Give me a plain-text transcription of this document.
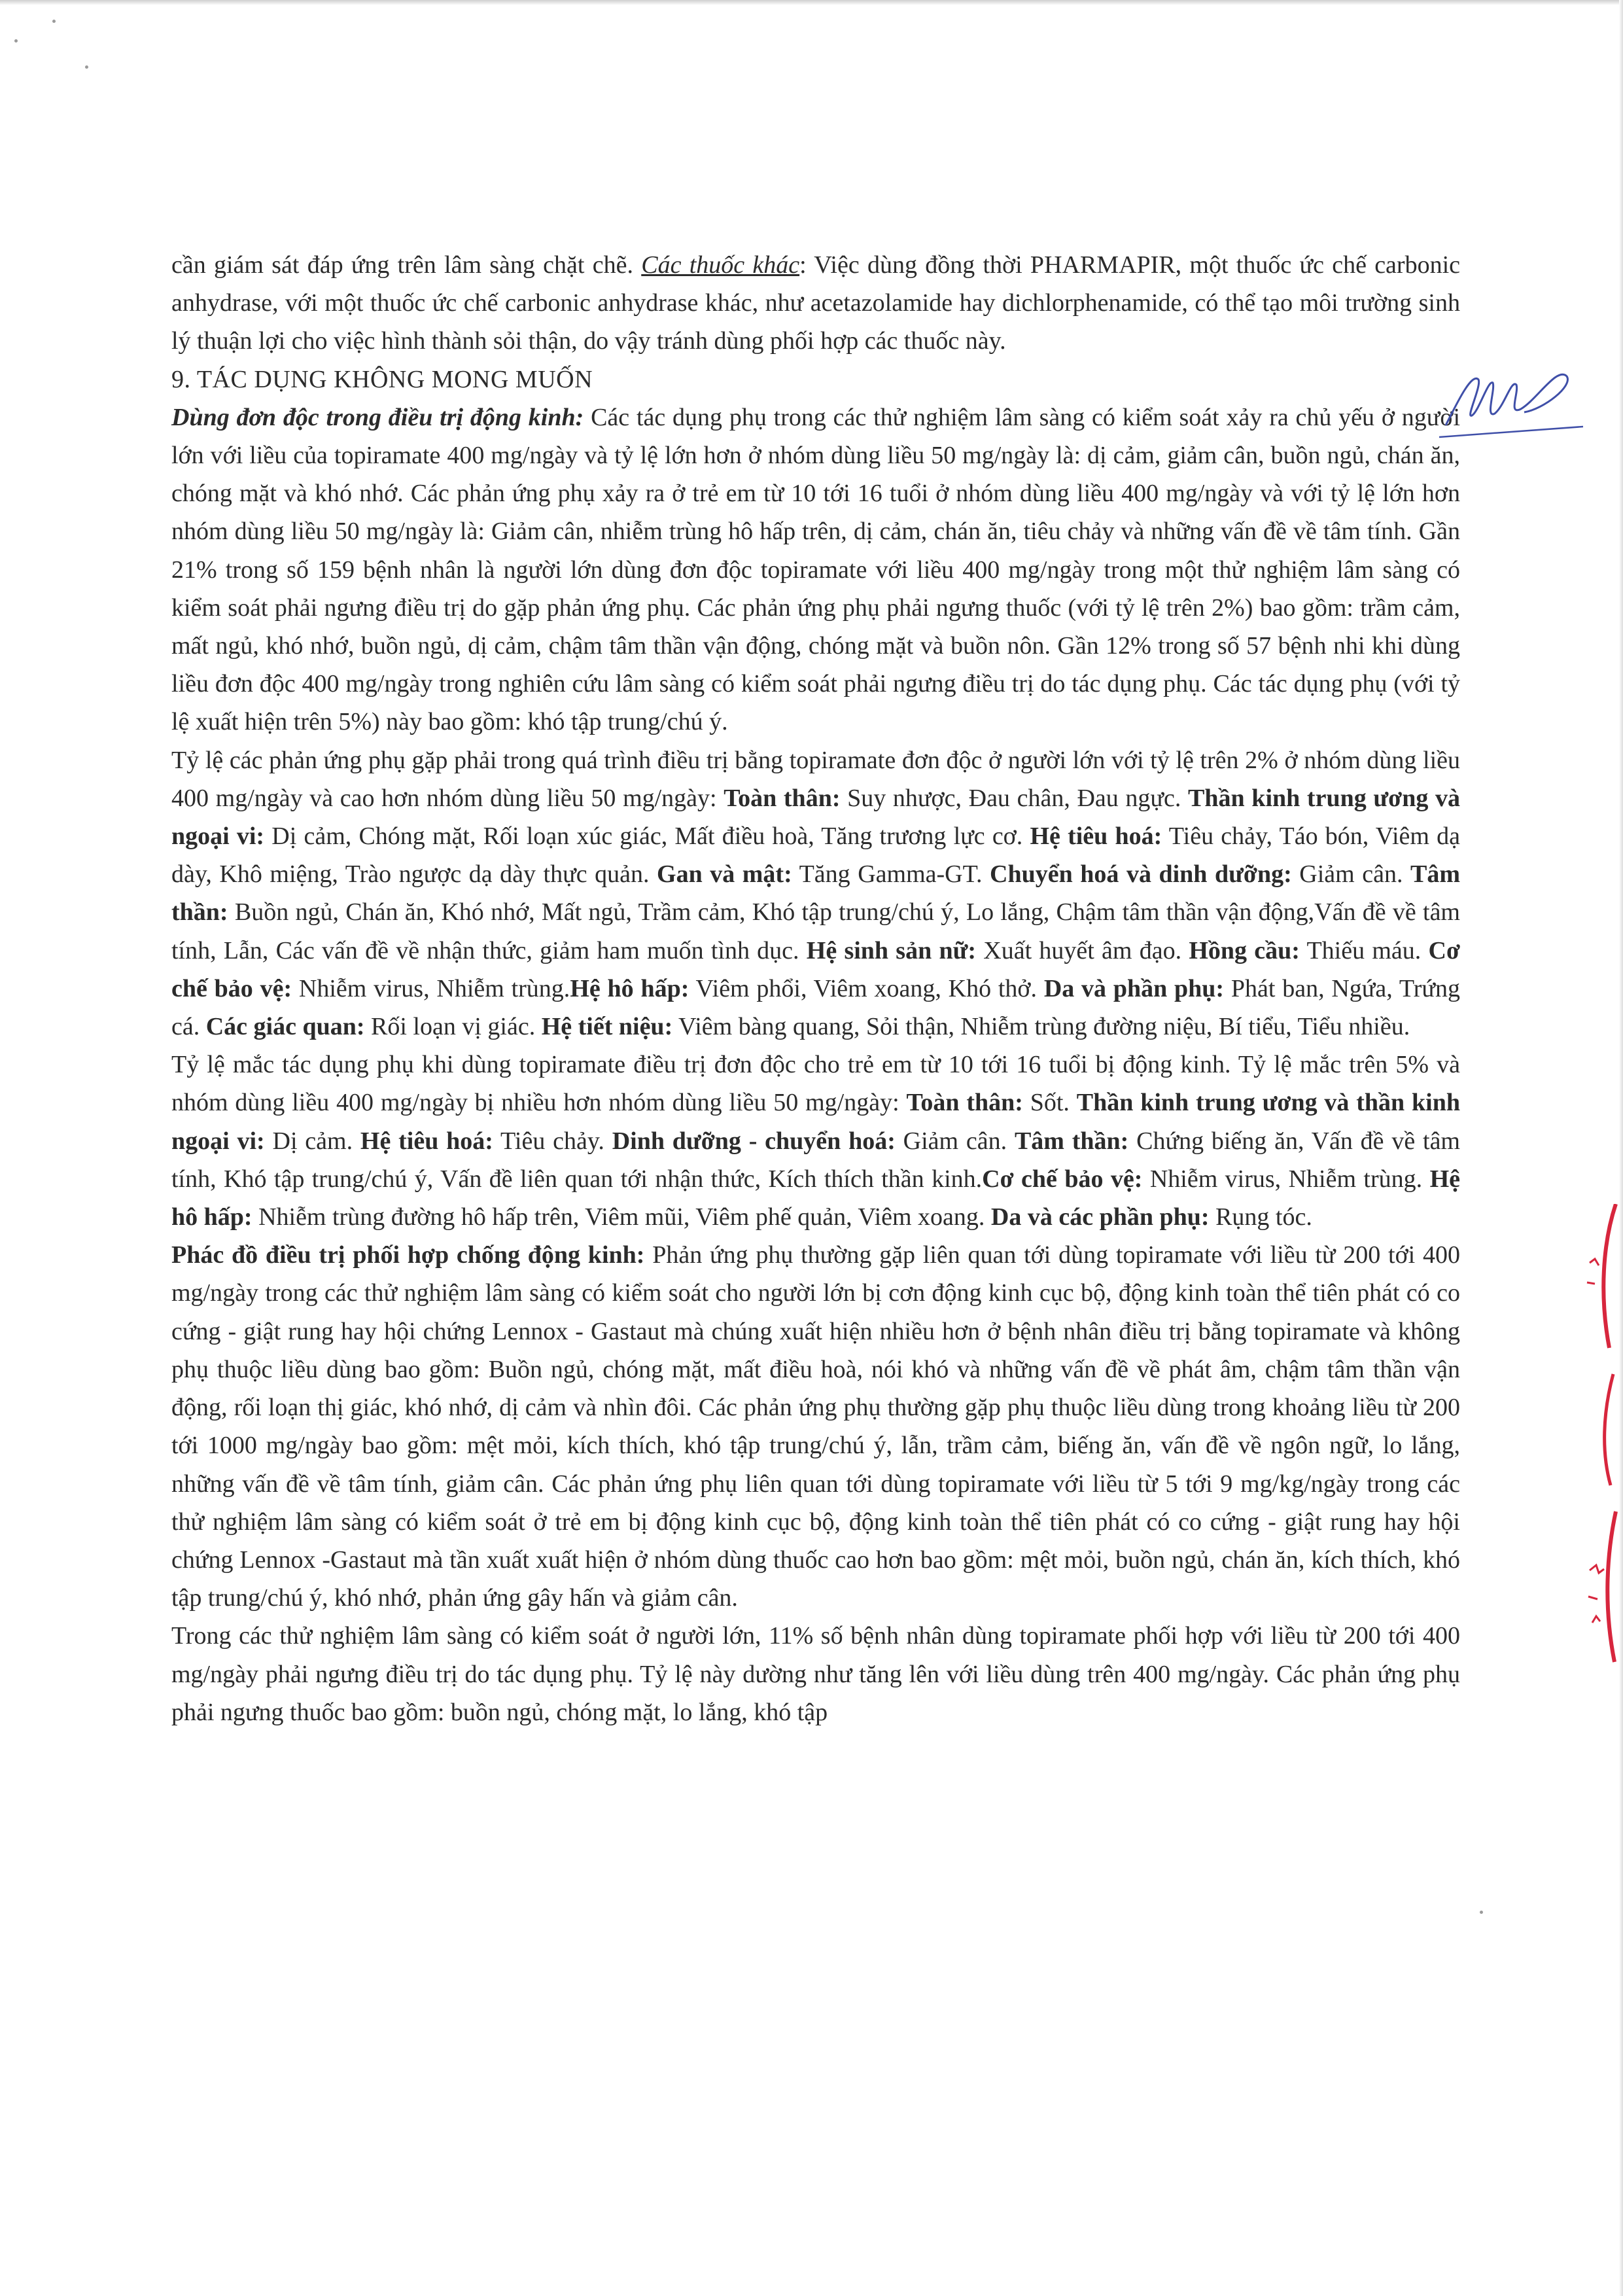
cần giám sát đáp ứng trên lâm sàng chặt chẽ. Các thuốc khác: Việc dùng đồng thời PHARMAPIR, một thuốc ức chế carbonic anhydrase, với một thuốc ức chế carbonic anhydrase khác, như acetazolamide hay dichlorphenamide, có thể tạo môi trường sinh lý thuận lợi cho việc hình thành sỏi thận, do vậy tránh dùng phối hợp các thuốc này.

9. TÁC DỤNG KHÔNG MONG MUỐN

Dùng đơn độc trong điều trị động kinh: Các tác dụng phụ trong các thử nghiệm lâm sàng có kiểm soát xảy ra chủ yếu ở người lớn với liều của topiramate 400 mg/ngày và tỷ lệ lớn hơn ở nhóm dùng liều 50 mg/ngày là: dị cảm, giảm cân, buồn ngủ, chán ăn, chóng mặt và khó nhớ. Các phản ứng phụ xảy ra ở trẻ em từ 10 tới 16 tuổi ở nhóm dùng liều 400 mg/ngày và với tỷ lệ lớn hơn nhóm dùng liều 50 mg/ngày là: Giảm cân, nhiễm trùng hô hấp trên, dị cảm, chán ăn, tiêu chảy và những vấn đề về tâm tính. Gần 21% trong số 159 bệnh nhân là người lớn dùng đơn độc topiramate với liều 400 mg/ngày trong một thử nghiệm lâm sàng có kiểm soát phải ngưng điều trị do gặp phản ứng phụ. Các phản ứng phụ phải ngưng thuốc (với tỷ lệ trên 2%) bao gồm: trầm cảm, mất ngủ, khó nhớ, buồn ngủ, dị cảm, chậm tâm thần vận động, chóng mặt và buồn nôn. Gần 12% trong số 57 bệnh nhi khi dùng liều đơn độc 400 mg/ngày trong nghiên cứu lâm sàng có kiểm soát phải ngưng điều trị do tác dụng phụ. Các tác dụng phụ (với tỷ lệ xuất hiện trên 5%) này bao gồm: khó tập trung/chú ý.

Tỷ lệ các phản ứng phụ gặp phải trong quá trình điều trị bằng topiramate đơn độc ở người lớn với tỷ lệ trên 2% ở nhóm dùng liều 400 mg/ngày và cao hơn nhóm dùng liều 50 mg/ngày: Toàn thân: Suy nhược, Đau chân, Đau ngực. Thần kinh trung ương và ngoại vi: Dị cảm, Chóng mặt, Rối loạn xúc giác, Mất điều hoà, Tăng trương lực cơ. Hệ tiêu hoá: Tiêu chảy, Táo bón, Viêm dạ dày, Khô miệng, Trào ngược dạ dày thực quản. Gan và mật: Tăng Gamma-GT. Chuyển hoá và dinh dưỡng: Giảm cân. Tâm thần: Buồn ngủ, Chán ăn, Khó nhớ, Mất ngủ, Trầm cảm, Khó tập trung/chú ý, Lo lắng, Chậm tâm thần vận động,Vấn đề về tâm tính, Lẫn, Các vấn đề về nhận thức, giảm ham muốn tình dục. Hệ sinh sản nữ: Xuất huyết âm đạo. Hồng cầu: Thiếu máu. Cơ chế bảo vệ: Nhiễm virus, Nhiễm trùng.Hệ hô hấp: Viêm phổi, Viêm xoang, Khó thở. Da và phần phụ: Phát ban, Ngứa, Trứng cá. Các giác quan: Rối loạn vị giác. Hệ tiết niệu: Viêm bàng quang, Sỏi thận, Nhiễm trùng đường niệu, Bí tiểu, Tiểu nhiều.

Tỷ lệ mắc tác dụng phụ khi dùng topiramate điều trị đơn độc cho trẻ em từ 10 tới 16 tuổi bị động kinh. Tỷ lệ mắc trên 5% và nhóm dùng liều 400 mg/ngày bị nhiều hơn nhóm dùng liều 50 mg/ngày: Toàn thân: Sốt. Thần kinh trung ương và thần kinh ngoại vi: Dị cảm. Hệ tiêu hoá: Tiêu chảy. Dinh dưỡng - chuyển hoá: Giảm cân. Tâm thần: Chứng biếng ăn, Vấn đề về tâm tính, Khó tập trung/chú ý, Vấn đề liên quan tới nhận thức, Kích thích thần kinh.Cơ chế bảo vệ: Nhiễm virus, Nhiễm trùng. Hệ hô hấp: Nhiễm trùng đường hô hấp trên, Viêm mũi, Viêm phế quản, Viêm xoang. Da và các phần phụ: Rụng tóc.

Phác đồ điều trị phối hợp chống động kinh: Phản ứng phụ thường gặp liên quan tới dùng topiramate với liều từ 200 tới 400 mg/ngày trong các thử nghiệm lâm sàng có kiểm soát cho người lớn bị cơn động kinh cục bộ, động kinh toàn thể tiên phát có co cứng - giật rung hay hội chứng Lennox - Gastaut mà chúng xuất hiện nhiều hơn ở bệnh nhân điều trị bằng topiramate và không phụ thuộc liều dùng bao gồm: Buồn ngủ, chóng mặt, mất điều hoà, nói khó và những vấn đề về phát âm, chậm tâm thần vận động, rối loạn thị giác, khó nhớ, dị cảm và nhìn đôi. Các phản ứng phụ thường gặp phụ thuộc liều dùng trong khoảng liều từ 200 tới 1000 mg/ngày bao gồm: mệt mỏi, kích thích, khó tập trung/chú ý, lẫn, trầm cảm, biếng ăn, vấn đề về ngôn ngữ, lo lắng, những vấn đề về tâm tính, giảm cân. Các phản ứng phụ liên quan tới dùng topiramate với liều từ 5 tới 9 mg/kg/ngày trong các thử nghiệm lâm sàng có kiểm soát ở trẻ em bị động kinh cục bộ, động kinh toàn thể tiên phát có co cứng - giật rung hay hội chứng Lennox -Gastaut mà tần xuất xuất hiện ở nhóm dùng thuốc cao hơn bao gồm: mệt mỏi, buồn ngủ, chán ăn, kích thích, khó tập trung/chú ý, khó nhớ, phản ứng gây hấn và giảm cân.

Trong các thử nghiệm lâm sàng có kiểm soát ở người lớn, 11% số bệnh nhân dùng topiramate phối hợp với liều từ 200 tới 400 mg/ngày phải ngưng điều trị do tác dụng phụ. Tỷ lệ này dường như tăng lên với liều dùng trên 400 mg/ngày. Các phản ứng phụ phải ngưng thuốc bao gồm: buồn ngủ, chóng mặt, lo lắng, khó tập
